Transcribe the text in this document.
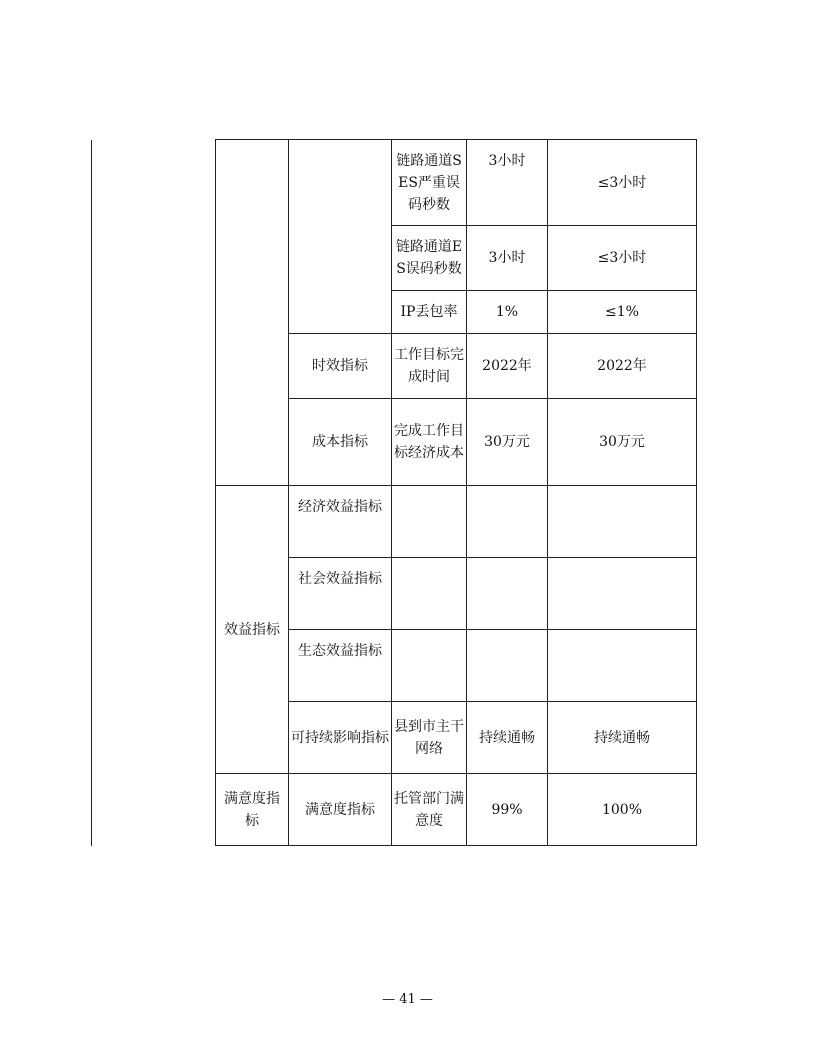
		链路通道SES严重误码秒数	3小时	≤3小时
		链路通道ES误码秒数	3小时	≤3小时
		IP丢包率	1%	≤1%
	时效指标	工作目标完成时间	2022年	2022年
	成本指标	完成工作目标经济成本	30万元	30万元
效益指标	经济效益指标			
	社会效益指标			
	生态效益指标			
	可持续影响指标	县到市主干网络	持续通畅	持续通畅
满意度指标	满意度指标	托管部门满意度	99%	100%
— 41 —
